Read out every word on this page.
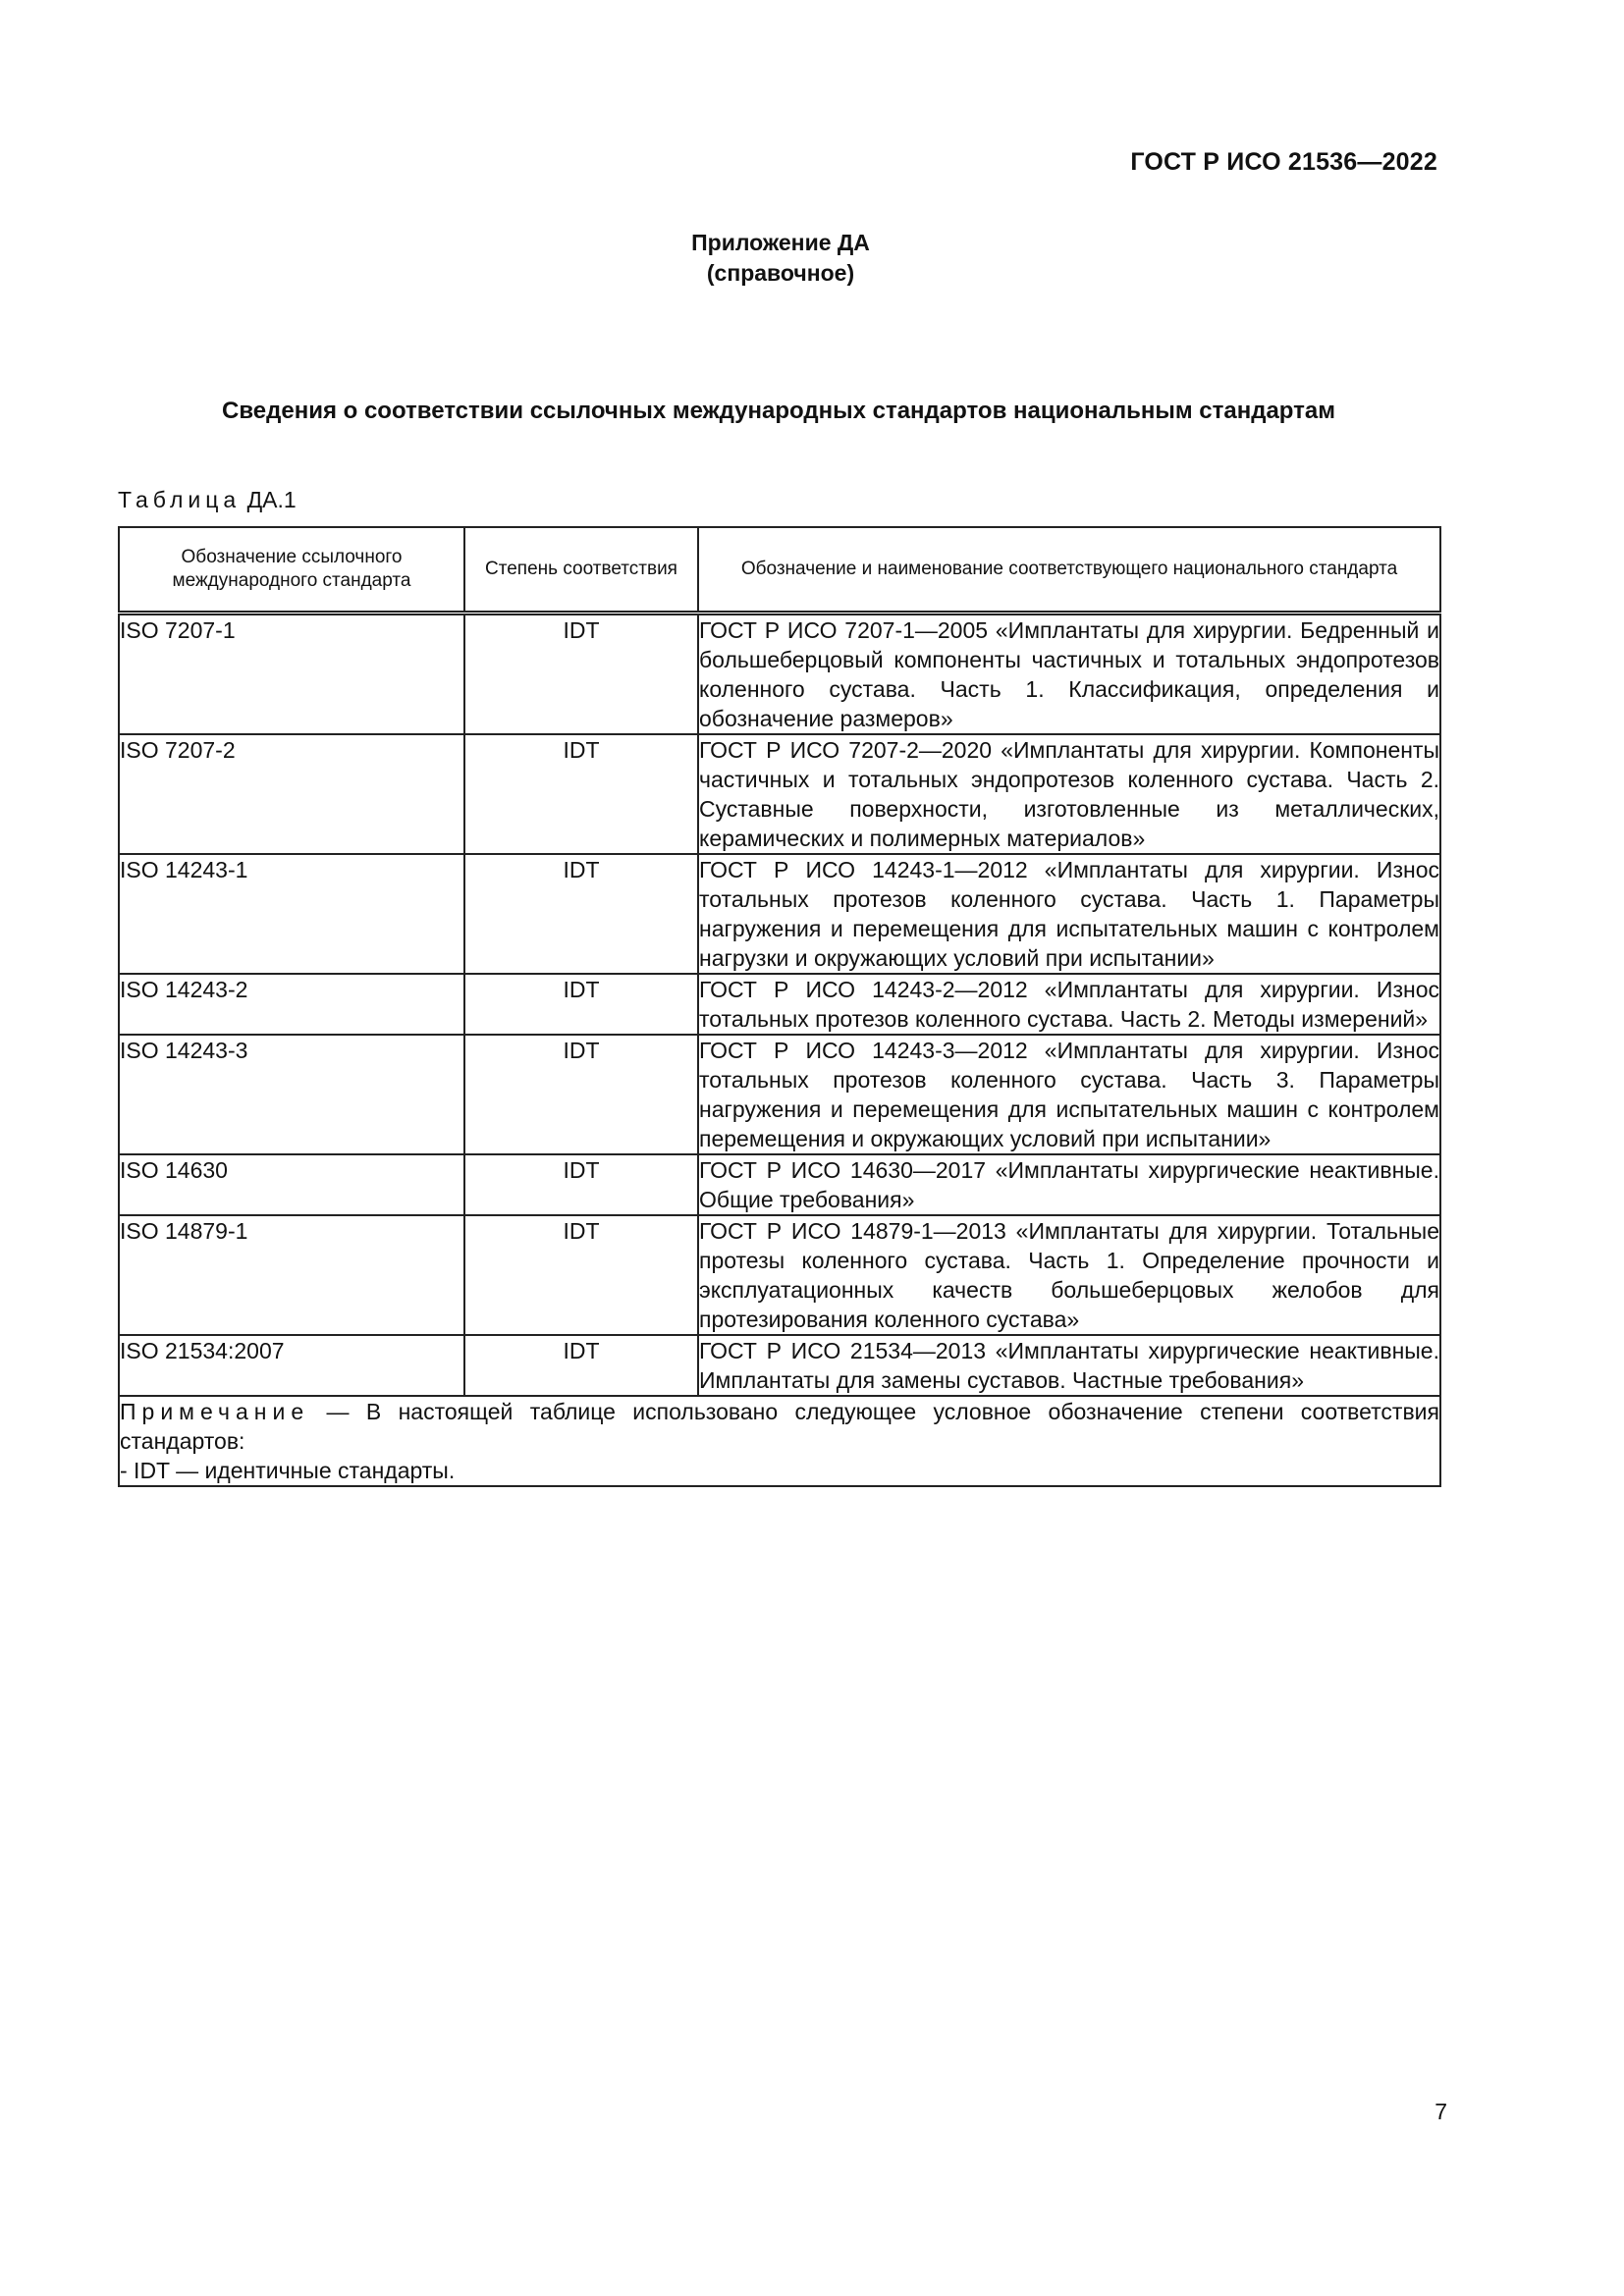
ГОСТ Р ИСО 21536—2022
Приложение ДА
(справочное)
Сведения о соответствии ссылочных международных стандартов национальным стандартам
Таблица ДА.1
Обозначение ссылочного международного стандарта	Степень соответствия	Обозначение и наименование соответствующего национального стандарта
ISO 7207-1	IDT	ГОСТ Р ИСО 7207-1—2005 «Имплантаты для хирургии. Бедренный и большеберцовый компоненты частичных и тотальных эндопротезов коленного сустава. Часть 1. Классификация, определения и обозначение размеров»
ISO 7207-2	IDT	ГОСТ Р ИСО 7207-2—2020 «Имплантаты для хирургии. Компоненты частичных и тотальных эндопротезов коленного сустава. Часть 2. Суставные поверхности, изготовленные из металлических, керамических и полимерных материалов»
ISO 14243-1	IDT	ГОСТ Р ИСО 14243-1—2012 «Имплантаты для хирургии. Износ тотальных протезов коленного сустава. Часть 1. Параметры нагружения и перемещения для испытательных машин с контролем нагрузки и окружающих условий при испытании»
ISO 14243-2	IDT	ГОСТ Р ИСО 14243-2—2012 «Имплантаты для хирургии. Износ тотальных протезов коленного сустава. Часть 2. Методы измерений»
ISO 14243-3	IDT	ГОСТ Р ИСО 14243-3—2012 «Имплантаты для хирургии. Износ тотальных протезов коленного сустава. Часть 3. Параметры нагружения и перемещения для испытательных машин с контролем перемещения и окружающих условий при испытании»
ISO 14630	IDT	ГОСТ Р ИСО 14630—2017 «Имплантаты хирургические неактивные. Общие требования»
ISO 14879-1	IDT	ГОСТ Р ИСО 14879-1—2013 «Имплантаты для хирургии. Тотальные протезы коленного сустава. Часть 1. Определение прочности и эксплуатационных качеств большеберцовых желобов для протезирования коленного сустава»
ISO 21534:2007	IDT	ГОСТ Р ИСО 21534—2013 «Имплантаты хирургические неактивные. Имплантаты для замены суставов. Частные требования»
Примечание — В настоящей таблице использовано следующее условное обозначение степени соответствия стандартов:
- IDT — идентичные стандарты.		
7
